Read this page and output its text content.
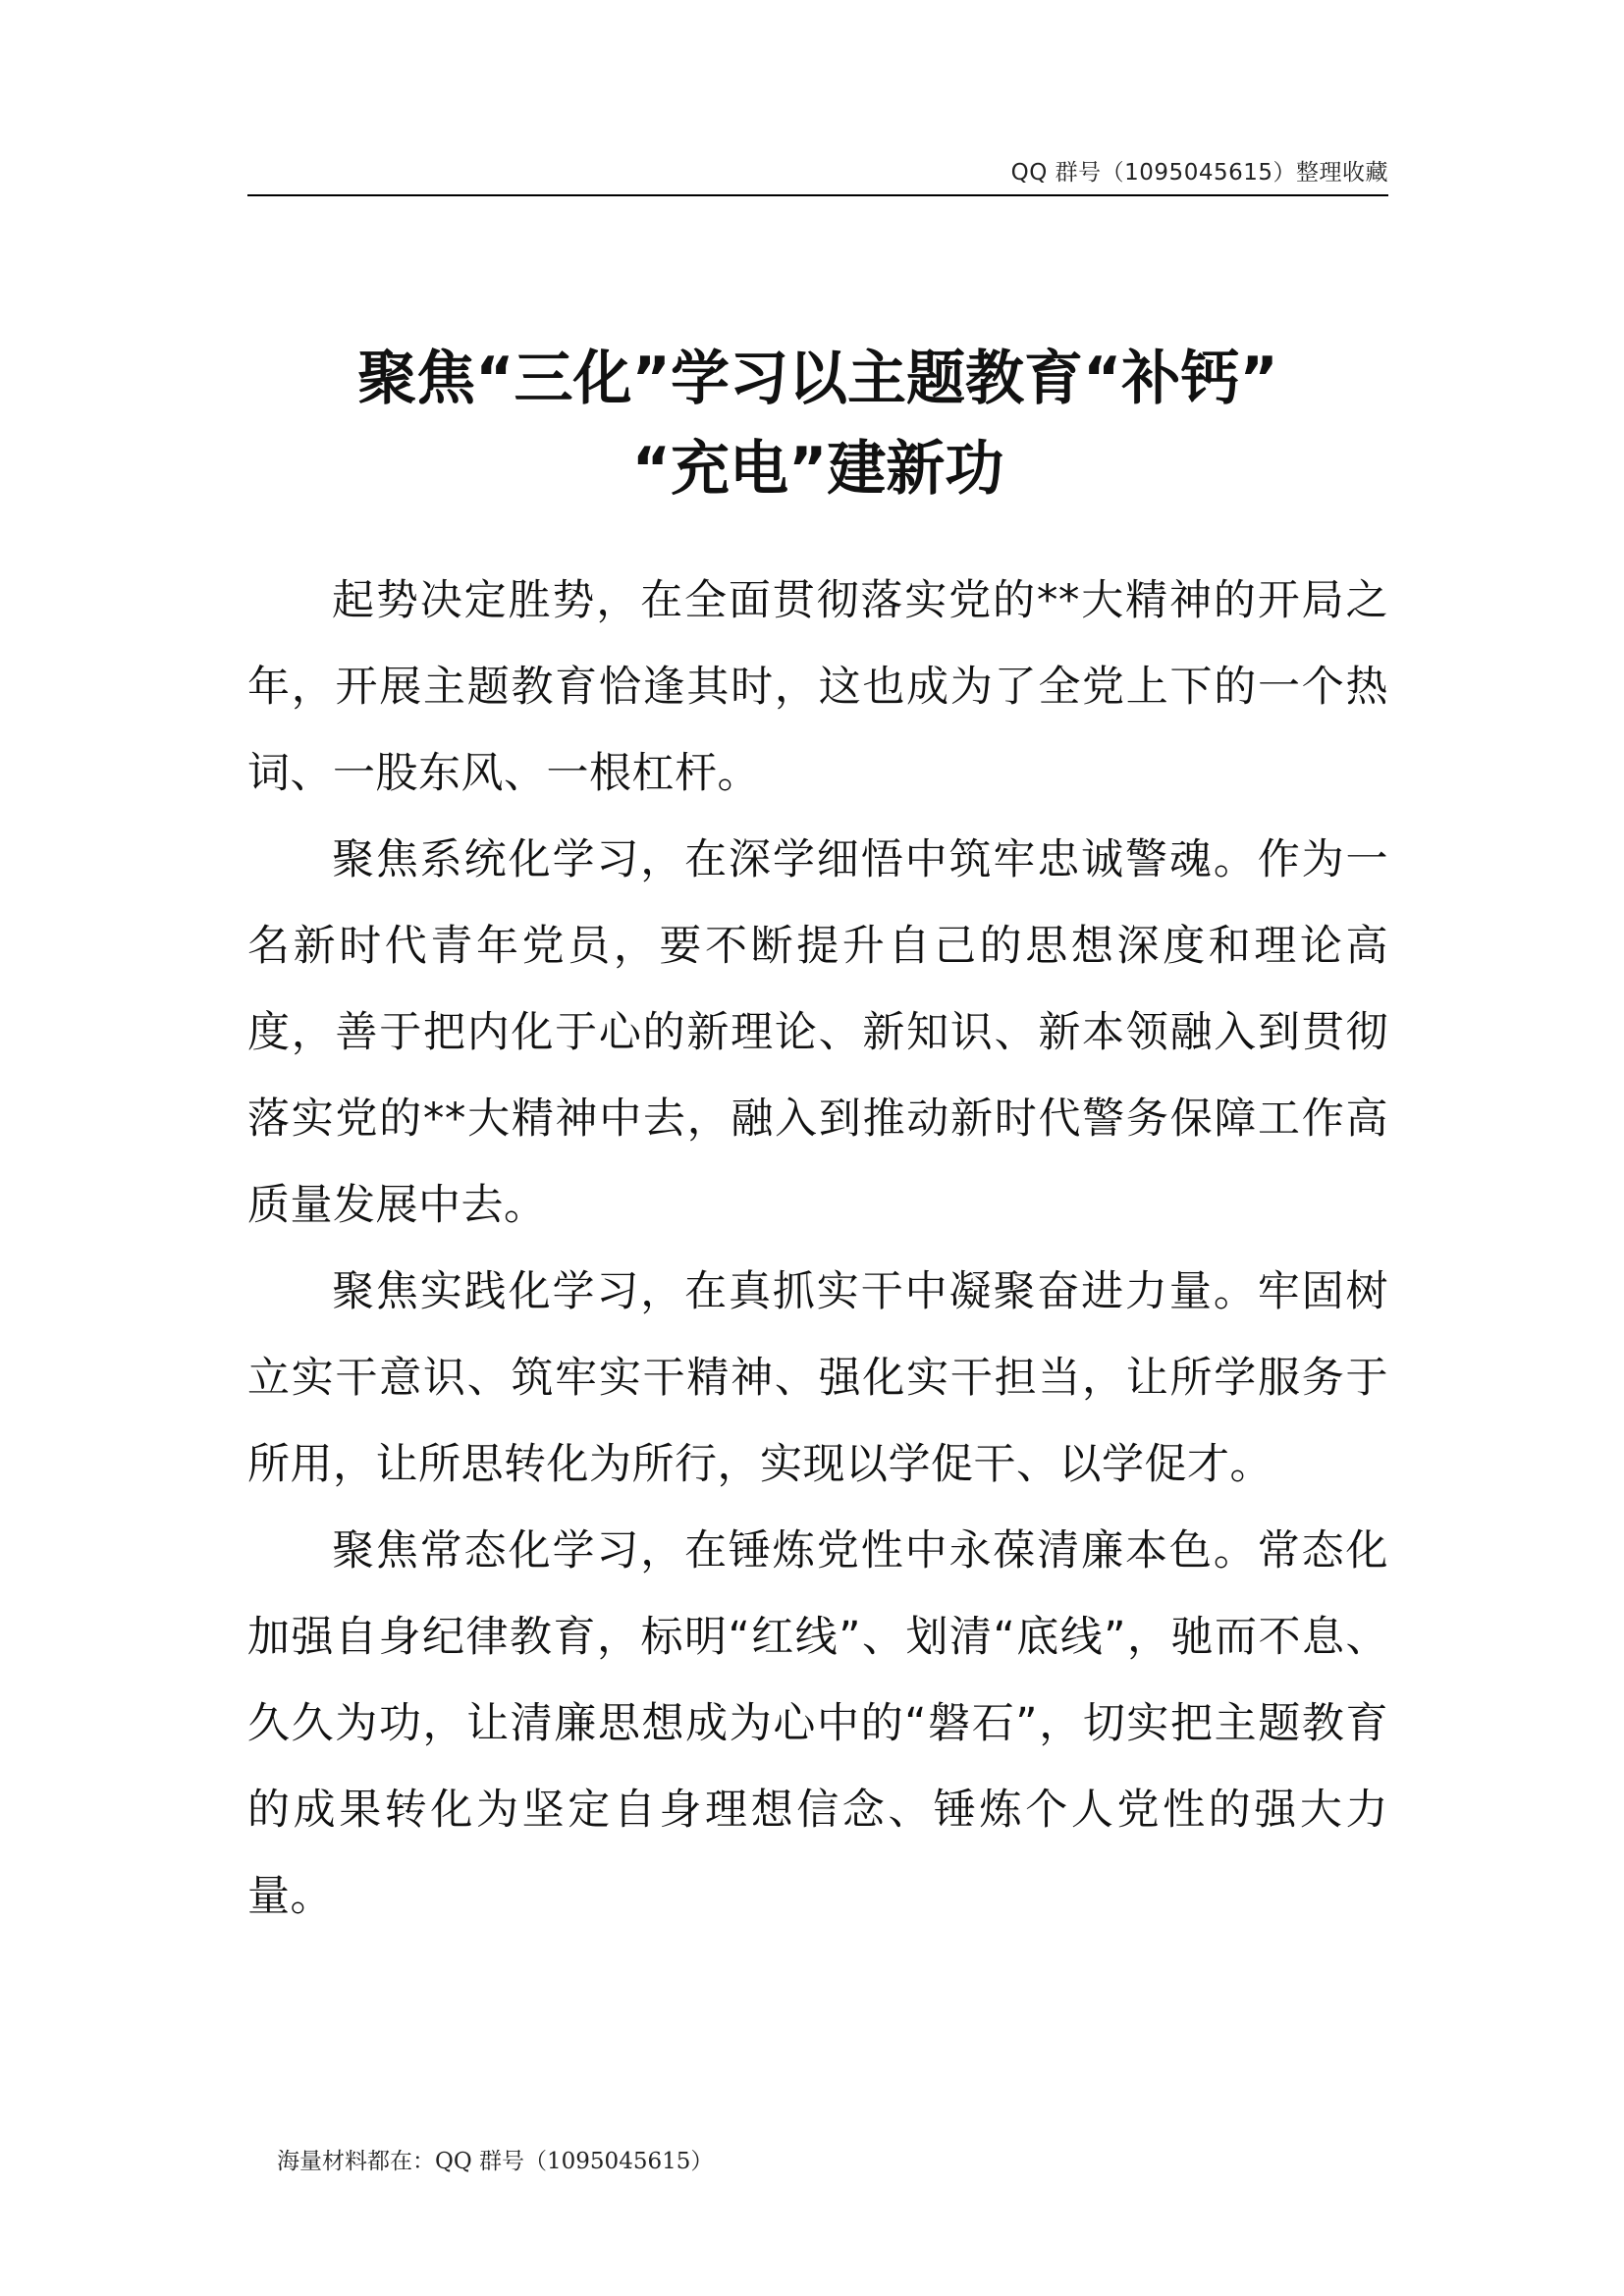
QQ 群号（1095045615）整理收藏
聚焦“三化”学习以主题教育“补钙”
“充电”建新功

起势决定胜势，在全面贯彻落实党的**大精神的开局之年，开展主题教育恰逢其时，这也成为了全党上下的一个热词、一股东风、一根杠杆。

聚焦系统化学习，在深学细悟中筑牢忠诚警魂。作为一名新时代青年党员，要不断提升自己的思想深度和理论高度，善于把内化于心的新理论、新知识、新本领融入到贯彻落实党的**大精神中去，融入到推动新时代警务保障工作高质量发展中去。

聚焦实践化学习，在真抓实干中凝聚奋进力量。牢固树立实干意识、筑牢实干精神、强化实干担当，让所学服务于所用，让所思转化为所行，实现以学促干、以学促才。

聚焦常态化学习，在锤炼党性中永葆清廉本色。常态化加强自身纪律教育，标明“红线”、划清“底线”，驰而不息、久久为功，让清廉思想成为心中的“磐石”，切实把主题教育的成果转化为坚定自身理想信念、锤炼个人党性的强大力量。

海量材料都在：QQ 群号（1095045615）
